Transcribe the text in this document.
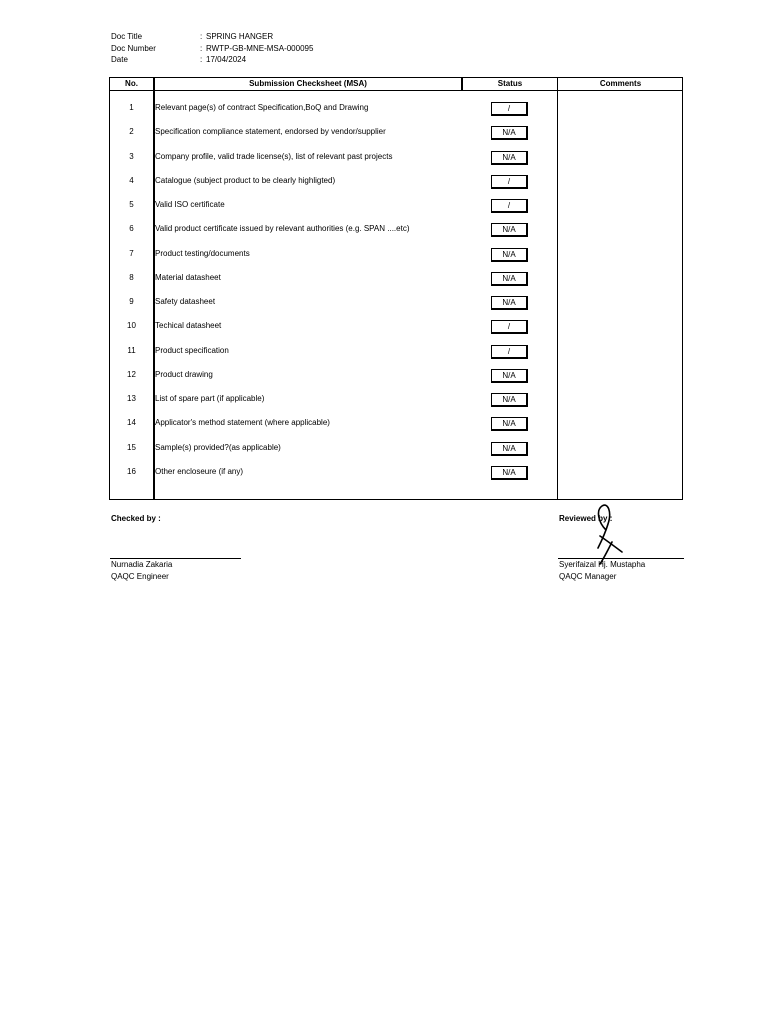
Doc Title	: SPRING HANGER
Doc Number	: RWTP-GB-MNE-MSA-000095
Date	: 17/04/2024
No.	Submission Checksheet (MSA)	Status	Comments
1	Relevant page(s) of contract Specification,BoQ and Drawing	/
2	Specification compliance statement, endorsed by vendor/supplier	N/A
3	Company profile, valid trade license(s), list of relevant past projects	N/A
4	Catalogue (subject product to be clearly highligted)	/
5	Valid ISO certificate	/
6	Valid product certificate issued by relevant authorities (e.g. SPAN ....etc)	N/A
7	Product testing/documents	N/A
8	Material datasheet	N/A
9	Safety datasheet	N/A
10	Techical datasheet	/
11	Product specification	/
12	Product drawing	N/A
13	List of spare part (if applicable)	N/A
14	Applicator's method statement (where applicable)	N/A
15	Sample(s) provided?(as applicable)	N/A
16	Other encloseure (if any)	N/A
Checked by :	Reviewed by :
Nurnadia Zakaria
QAQC Engineer
Syerifaizal Hj. Mustapha
QAQC Manager
